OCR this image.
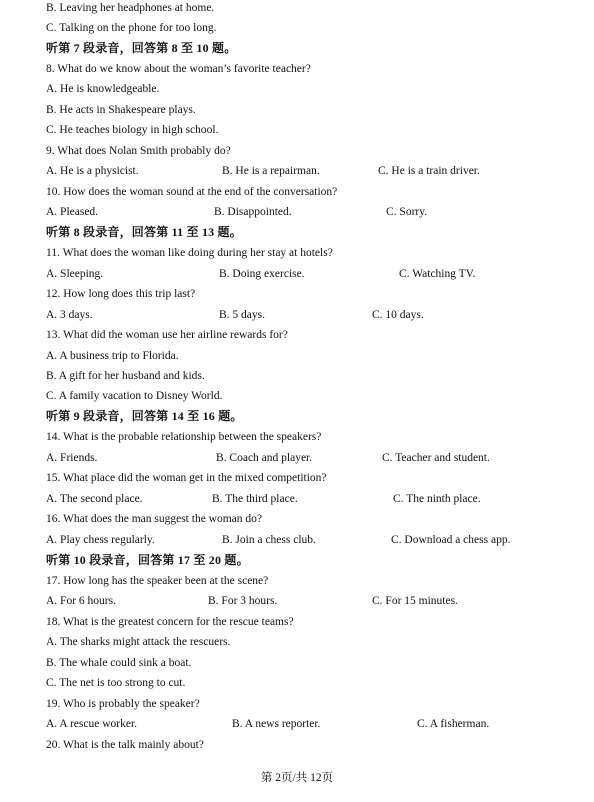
B. Leaving her headphones at home.
C. Talking on the phone for too long.
听第 7 段录音，回答第 8 至 10 题。
8. What do we know about the woman’s favorite teacher?
A. He is knowledgeable.
B. He acts in Shakespeare plays.
C. He teaches biology in high school.
9. What does Nolan Smith probably do?
A. He is a physicist.	B. He is a repairman.	C. He is a train driver.
10. How does the woman sound at the end of the conversation?
A. Pleased.	B. Disappointed.	C. Sorry.
听第 8 段录音，回答第 11 至 13 题。
11. What does the woman like doing during her stay at hotels?
A. Sleeping.	B. Doing exercise.	C. Watching TV.
12. How long does this trip last?
A. 3 days.	B. 5 days.	C. 10 days.
13. What did the woman use her airline rewards for?
A. A business trip to Florida.
B. A gift for her husband and kids.
C. A family vacation to Disney World.
听第 9 段录音，回答第 14 至 16 题。
14. What is the probable relationship between the speakers?
A. Friends.	B. Coach and player.	C. Teacher and student.
15. What place did the woman get in the mixed competition?
A. The second place.	B. The third place.	C. The ninth place.
16. What does the man suggest the woman do?
A. Play chess regularly.	B. Join a chess club.	C. Download a chess app.
听第 10 段录音，回答第 17 至 20 题。
17. How long has the speaker been at the scene?
A. For 6 hours.	B. For 3 hours.	C. For 15 minutes.
18. What is the greatest concern for the rescue teams?
A. The sharks might attack the rescuers.
B. The whale could sink a boat.
C. The net is too strong to cut.
19. Who is probably the speaker?
A. A rescue worker.	B. A news reporter.	C. A fisherman.
20. What is the talk mainly about?
第 2页/共 12页
